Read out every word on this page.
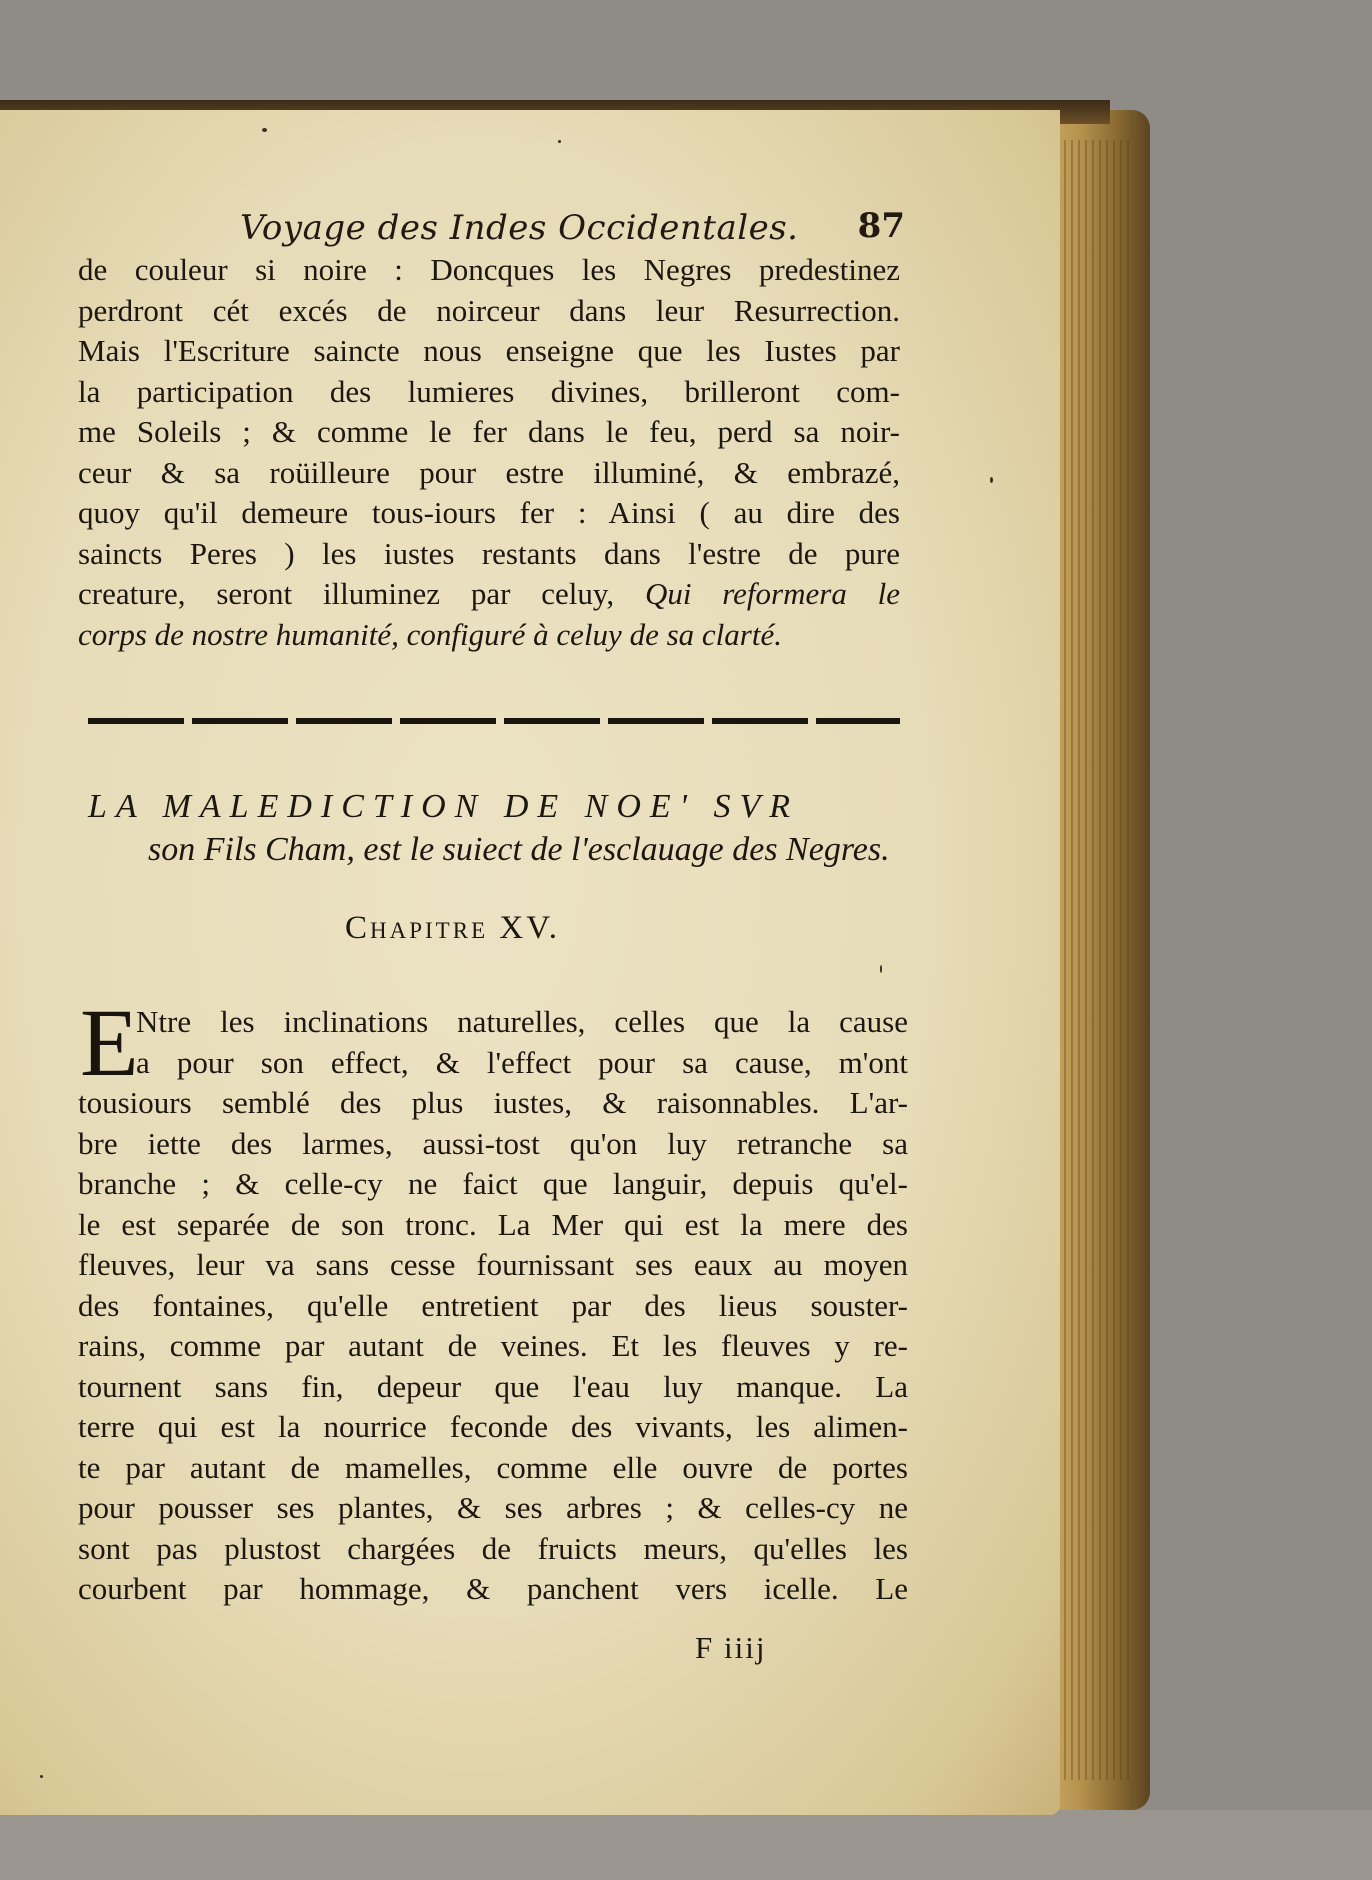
Voyage des Indes Occidentales. 87
de couleur si noire : Doncques les Negres predestinez
perdront cét excés de noirceur dans leur Resurrection.
Mais l'Escriture saincte nous enseigne que les Iustes par
la participation des lumieres divines, brilleront com-
me Soleils ; & comme le fer dans le feu, perd sa noir-
ceur & sa roüilleure pour estre illuminé, & embrazé,
quoy qu'il demeure tous-iours fer : Ainsi ( au dire des
saincts Peres ) les iustes restants dans l'estre de pure
creature, seront illuminez par celuy, Qui reformera le
corps de nostre humanité, configuré à celuy de sa clarté.
LA MALEDICTION DE NOE' SVR
son Fils Cham, est le suiect de l'esclauage des Negres.
Chapitre XV.
E
Ntre les inclinations naturelles, celles que la cause
a pour son effect, & l'effect pour sa cause, m'ont
tousiours semblé des plus iustes, & raisonnables. L'ar-
bre iette des larmes, aussi-tost qu'on luy retranche sa
branche ; & celle-cy ne faict que languir, depuis qu'el-
le est separée de son tronc. La Mer qui est la mere des
fleuves, leur va sans cesse fournissant ses eaux au moyen
des fontaines, qu'elle entretient par des lieus souster-
rains, comme par autant de veines. Et les fleuves y re-
tournent sans fin, depeur que l'eau luy manque. La
terre qui est la nourrice feconde des vivants, les alimen-
te par autant de mamelles, comme elle ouvre de portes
pour pousser ses plantes, & ses arbres ; & celles-cy ne
sont pas plustost chargées de fruicts meurs, qu'elles les
courbent par hommage, & panchent vers icelle. Le
F iiij
